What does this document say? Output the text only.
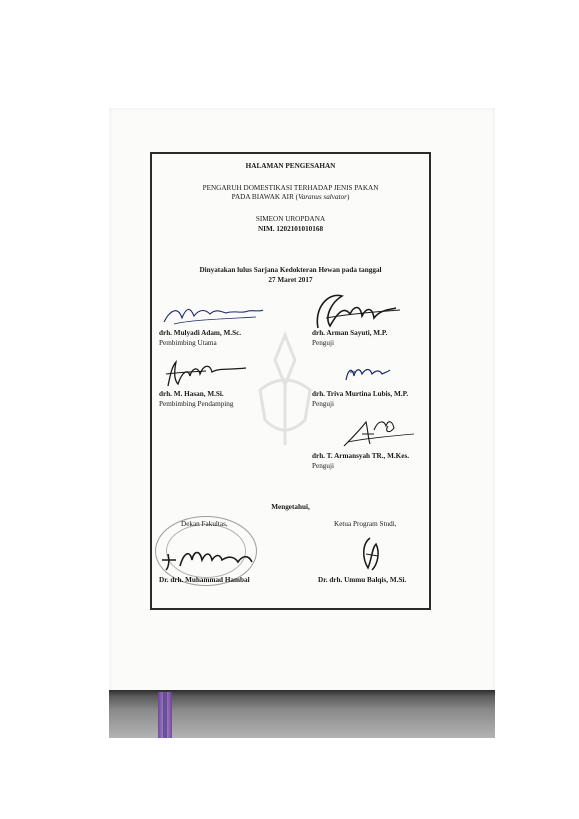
HALAMAN PENGESAHAN
PENGARUH DOMESTIKASI TERHADAP JENIS PAKAN
PADA BIAWAK AIR (Varanus salvator)
SIMEON UROPDANA
NIM. 1202101010168
Dinyatakan lulus Sarjana Kedokteran Hewan pada tanggal
27 Maret 2017
drh. Mulyadi Adam, M.Sc.
Pembimbing Utama
drh. Arman Sayuti, M.P.
Penguji
drh. M. Hasan, M.Si.
Pembimbing Pendamping
drh. Triva Murtina Lubis, M.P.
Penguji
drh. T. Armansyah TR., M.Kes.
Penguji
Mengetahui,
Dekan Fakultas,	Ketua Program Studi,
Dr. drh. Muhammad Hambal	Dr. drh. Ummu Balqis, M.Si.
